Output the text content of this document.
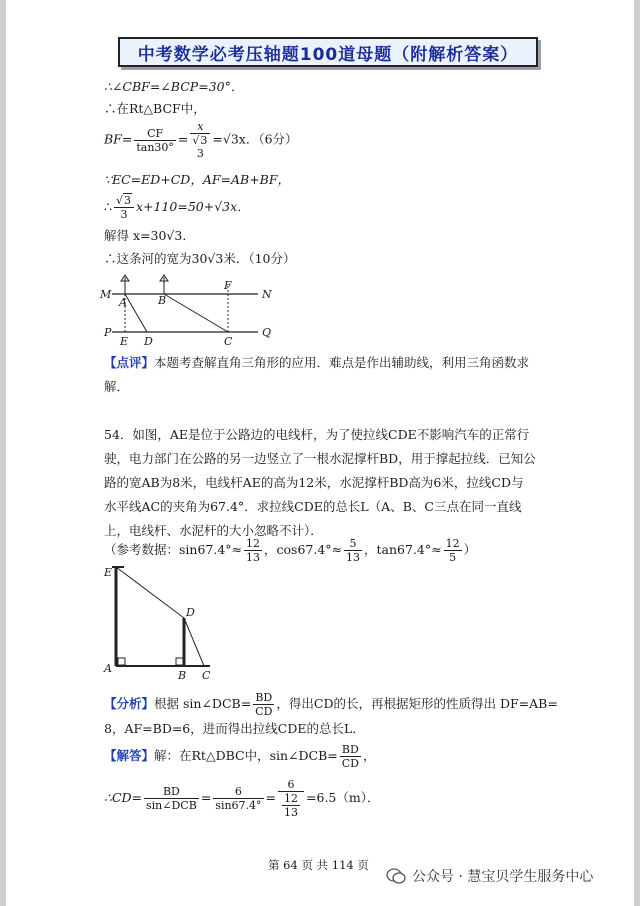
中考数学必考压轴题100道母题（附解析答案）
∴∠CBF=∠BCP=30°．
∴在Rt△BCF中，
$BF= \frac{CF}{\tan 30^\circ}$ =
x
√3
3
=√3x．（6分）
∵EC=ED+CD，AF=AB+BF，
∴ $\frac{√3}{3} x+110=50+√3x$．
解得 x=30√3．
∴这条河的宽为30√3米．（10分）
M	N
A	B
F
P	Q
E D	C
【点评】本题考查解直角三角形的应用．难点是作出辅助线，利用三角函数求
解．
54．如图，AE是位于公路边的电线杆，为了使拉线CDE不影响汽车的正常行
驶，电力部门在公路的另一边竖立了一根水泥撑杆BD，用于撑起拉线．已知公
路的宽AB为8米，电线杆AE的高为12米，水泥撑杆BD高为6米，拉线CD与
水平线AC的夹角为67.4°．求拉线CDE的总长L（A、B、C三点在同一直线
上，电线杆、水泥杆的大小忽略不计）．
（参考数据：$\sin 67.4^\circ\approx \frac{12}{13}$ ，$\cos 67.4^\circ\approx \frac{5}{13}$ ，$\tan 67.4^\circ\approx \frac{12}{5}$ ）
E
D
A
B C
【分析】根据 sin∠DCB= $\frac{BD}{CD}$ ，得出CD的长，再根据矩形的性质得出 DF=AB=
8，AF=BD=6，进而得出拉线CDE的总长L．
【解答】解：在Rt△DBC中，sin∠DCB= $\frac{BD}{CD}$ ，
∴CD= $\frac{BD}{\text{sin∠DCB}} = \frac{6}{\sin 67.4^\circ} = \frac{6}{\frac{12}{13}} =6.5(m)$．
第 64 页 共 114 页
公众号 · 慧宝贝学生服务中心
